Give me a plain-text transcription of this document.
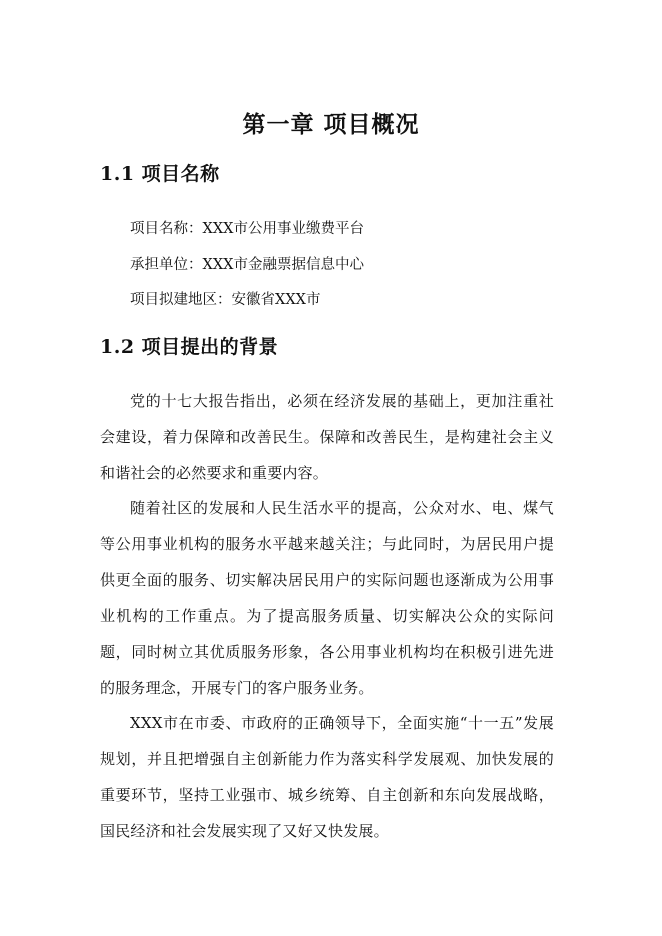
第一章 项目概况
1.1 项目名称

项目名称：XXX市公用事业缴费平台

承担单位：XXX市金融票据信息中心

项目拟建地区：安徽省XXX市

1.2 项目提出的背景

党的十七大报告指出，必须在经济发展的基础上，更加注重社会建设，着力保障和改善民生。保障和改善民生，是构建社会主义和谐社会的必然要求和重要内容。

随着社区的发展和人民生活水平的提高，公众对水、电、煤气等公用事业机构的服务水平越来越关注；与此同时，为居民用户提供更全面的服务、切实解决居民用户的实际问题也逐渐成为公用事业机构的工作重点。为了提高服务质量、切实解决公众的实际问题，同时树立其优质服务形象，各公用事业机构均在积极引进先进的服务理念，开展专门的客户服务业务。

XXX市在市委、市政府的正确领导下，全面实施“十一五”发展规划，并且把增强自主创新能力作为落实科学发展观、加快发展的重要环节，坚持工业强市、城乡统筹、自主创新和东向发展战略，国民经济和社会发展实现了又好又快发展。
